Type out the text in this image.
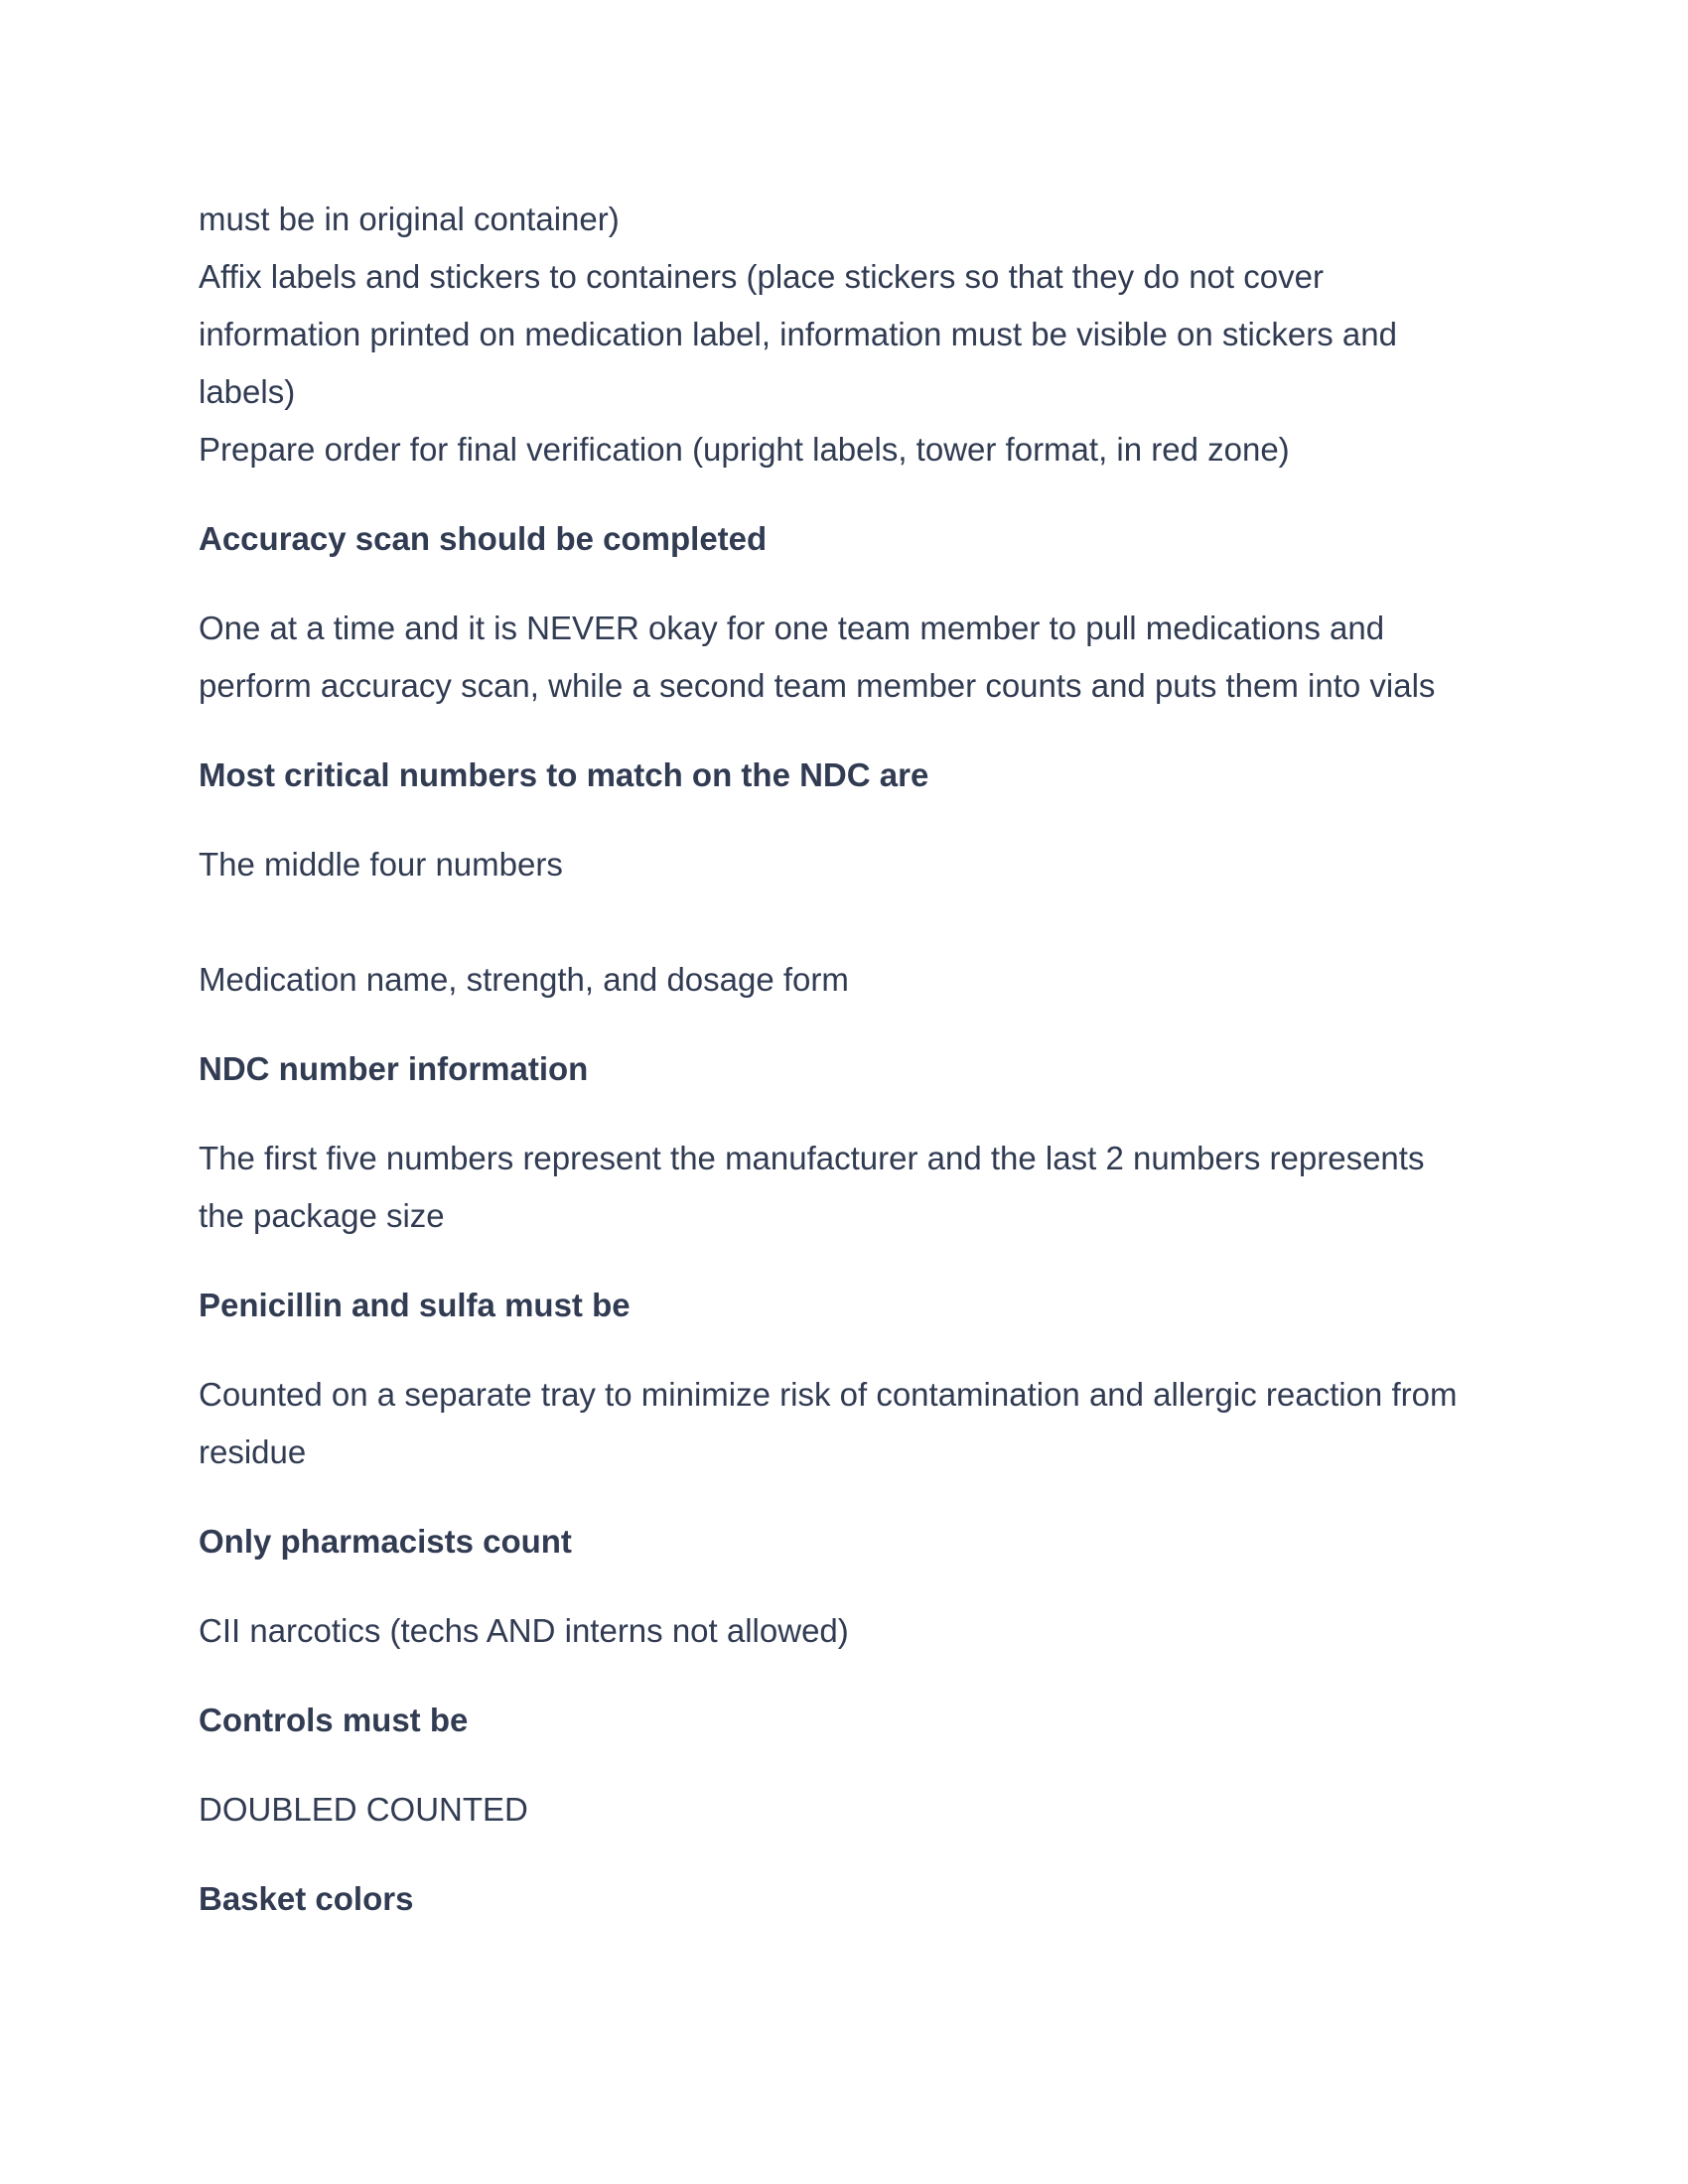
must be in original container)
Affix labels and stickers to containers (place stickers so that they do not cover
information printed on medication label, information must be visible on stickers and
labels)
Prepare order for final verification (upright labels, tower format, in red zone)
Accuracy scan should be completed
One at a time and it is NEVER okay for one team member to pull medications and
perform accuracy scan, while a second team member counts and puts them into vials
Most critical numbers to match on the NDC are
The middle four numbers
Medication name, strength, and dosage form
NDC number information
The first five numbers represent the manufacturer and the last 2 numbers represents
the package size
Penicillin and sulfa must be
Counted on a separate tray to minimize risk of contamination and allergic reaction from
residue
Only pharmacists count
CII narcotics (techs AND interns not allowed)
Controls must be
DOUBLED COUNTED
Basket colors
